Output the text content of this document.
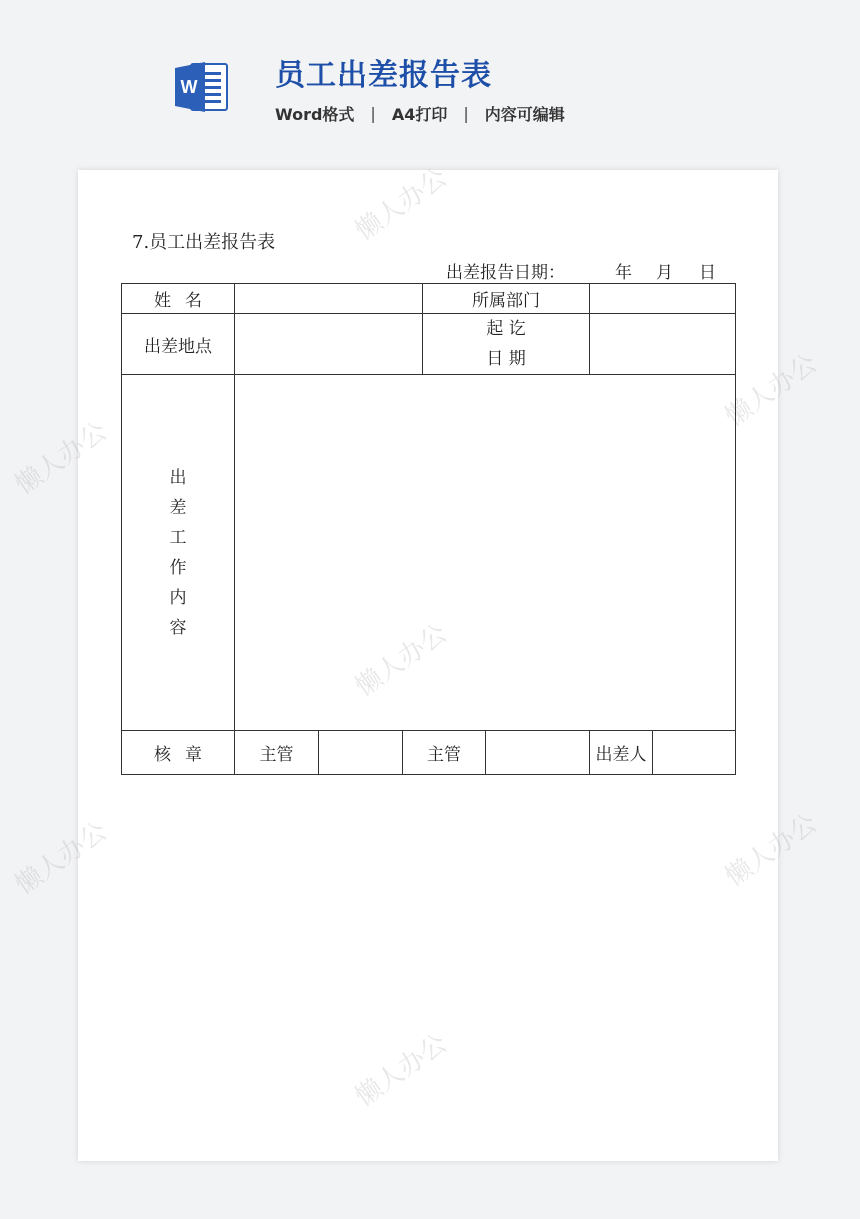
W	员工出差报告表
Word格式 | A4打印 | 内容可编辑
懒人办公
懒人办公
懒人办公
懒人办公
懒人办公	懒人办公
懒人办公
7.员工出差报告表
出差报告日期：	年 月 日
姓名				所属部门			
出差地点				起 讫
日 期			

出差工作内容							
核章	主管		主管			出差人	
